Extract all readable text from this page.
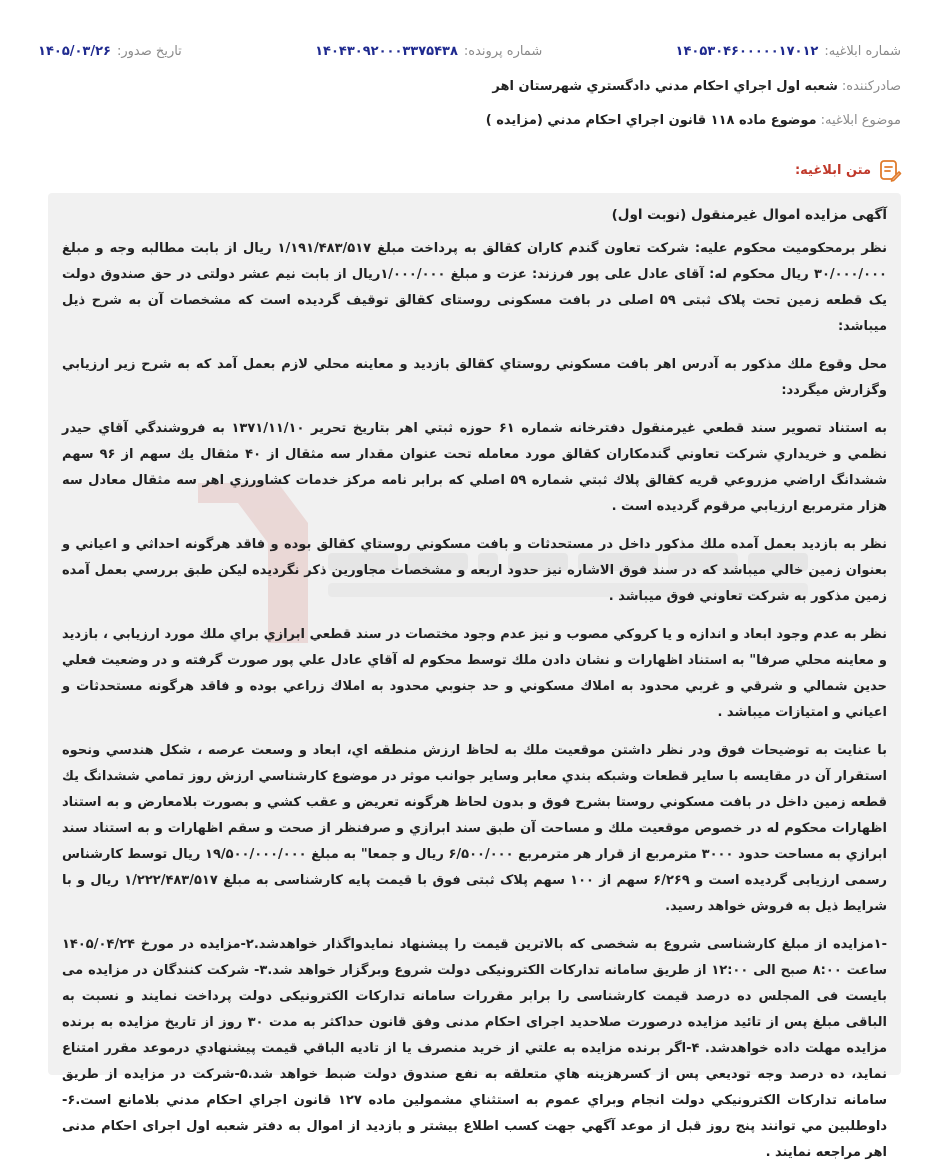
شماره ابلاغیه:
۱۴۰۵۳۰۴۶۰۰۰۰۰۱۷۰۱۲
شماره پرونده:
۱۴۰۴۳۰۹۲۰۰۰۳۳۷۵۴۳۸
تاریخ صدور:
۱۴۰۵/۰۳/۲۶
صادرکننده:
شعبه اول اجراي احكام مدني دادگستري شهرستان اهر
موضوع ابلاغیه:
موضوع ماده ۱۱۸ قانون اجراي احكام مدني (مزايده )
متن ابلاغیه:
آگهی مزایده اموال غیرمنقول (نوبت اول)

نظر برمحکومیت محکوم علیه: شرکت تعاون گندم کاران کقالق به پرداخت مبلغ ۱/۱۹۱/۴۸۳/۵۱۷ ریال از بابت مطالبه وجه و مبلغ ۳۰/۰۰۰/۰۰۰ ریال محکوم له: آقای عادل علی پور فرزند: عزت و مبلغ ۱/۰۰۰/۰۰۰ریال از بابت نیم عشر دولتی در حق صندوق دولت یک قطعه زمین تحت پلاک ثبتی ۵۹ اصلی در بافت مسکونی روستای کقالق توقیف گردیده است که مشخصات آن به شرح ذیل میباشد:

محل وقوع ملك مذكور به آدرس اهر بافت مسكوني روستاي كقالق بازديد و معاينه محلي لازم بعمل آمد كه به شرح زير ارزيابي وگزارش ميگردد:

به استناد تصوير سند قطعي غيرمنقول دفترخانه شماره ۶۱ حوزه ثبتي اهر بتاريخ تحرير ۱۳۷۱/۱۱/۱۰ به فروشندگي آقاي حيدر نظمي و خريداري شركت تعاوني گندمكاران كقالق مورد معامله تحت عنوان مقدار سه مثقال از ۴۰ مثقال يك سهم از ۹۶ سهم ششدانگ اراضي مزروعي قريه كقالق پلاك ثبتي شماره ۵۹ اصلي كه برابر نامه مركز خدمات كشاورزي اهر سه مثقال معادل سه هزار مترمربع ارزيابي مرقوم گرديده است .

نظر به بازديد بعمل آمده ملك مذكور داخل در مستحدثات و بافت مسكوني روستاي كقالق بوده و فاقد هرگونه احداثي و اعياني و بعنوان زمين خالي ميباشد كه در سند فوق الاشاره نيز حدود اربعه و مشخصات مجاورين ذكر نگرديده ليكن طبق بررسي بعمل آمده زمين مذكور به شركت تعاوني فوق ميباشد .

نظر به عدم وجود ابعاد و اندازه و يا كروكي مصوب و نيز عدم وجود مختصات در سند قطعي ابرازي براي ملك مورد ارزيابي ، بازديد و معاينه محلي صرفا" به استناد اظهارات و نشان دادن ملك توسط محكوم له آقاي عادل علي پور صورت گرفته و در وضعيت فعلي حدين شمالي و شرقي و غربي محدود به املاك مسكوني و حد جنوبي محدود به املاك زراعي بوده و فاقد هرگونه مستحدثات و اعياني و امتيازات ميباشد .

با عنايت به توضيحات فوق ودر نظر داشتن موقعيت ملك به لحاظ ارزش منطقه اي، ابعاد و وسعت عرصه ، شكل هندسي ونحوه استقرار آن در مقايسه با ساير قطعات وشبكه بندي معابر وساير جوانب موثر در موضوع كارشناسي ارزش روز تمامي ششدانگ يك قطعه زمين داخل در بافت مسكوني روستا بشرح فوق و بدون لحاظ هرگونه تعريض و عقب كشي و بصورت بلامعارض و به استناد اظهارات محكوم له در خصوص موقعيت ملك و مساحت آن طبق سند ابرازي و صرفنظر از صحت و سقم اظهارات و به استناد سند ابرازي به مساحت حدود ۳۰۰۰ مترمربع از قرار هر مترمربع ۶/۵۰۰/۰۰۰ ريال و جمعا" به مبلغ ۱۹/۵۰۰/۰۰۰/۰۰۰ ريال توسط کارشناس رسمی ارزیابی گردیده است و ۶/۲۶۹ سهم از ۱۰۰ سهم پلاک ثبتی فوق با قیمت پایه کارشناسی به مبلغ ۱/۲۲۲/۴۸۳/۵۱۷ ریال و با شرایط ذیل به فروش خواهد رسید.

-۱مزایده از مبلغ کارشناسی شروع به شخصی که بالاترین قیمت را پیشنهاد نمایدواگذار خواهدشد.۲-مزایده در مورخ ۱۴۰۵/۰۴/۲۴ ساعت ۸:۰۰ صبح الی ۱۲:۰۰ از طریق سامانه تدارکات الکترونیکی دولت شروع وبرگزار خواهد شد.۳- شرکت کنندگان در مزایده می بایست فی المجلس ده درصد قیمت کارشناسی را برابر مقررات سامانه تدارکات الکترونیکی دولت پرداخت نمایند و نسبت به الباقی مبلغ پس از تائید مزایده درصورت صلاحدید اجرای احکام مدنی وفق قانون حداکثر به مدت ۳۰ روز از تاریخ مزایده به برنده مزایده مهلت داده خواهدشد. ۴-اگر برنده مزایده به علتي از خريد منصرف يا از تاديه الباقي قيمت پيشنهادي درموعد مقرر امتناع نمايد، ده درصد وجه توديعي پس از كسرهزينه هاي متعلقه به نفع صندوق دولت ضبط خواهد شد.۵-شرکت در مزايده از طريق سامانه تدارکات الکترونيکي دولت انجام وبراي عموم به استثناي مشمولين ماده ۱۲۷ قانون اجراي احكام مدني بلامانع است.۶-داوطلبين مي توانند پنج روز قبل از موعد آگهي جهت كسب اطلاع بيشتر و بازديد از اموال به دفتر شعبه اول اجرای احکام مدنی اهر مراجعه نمايند .
